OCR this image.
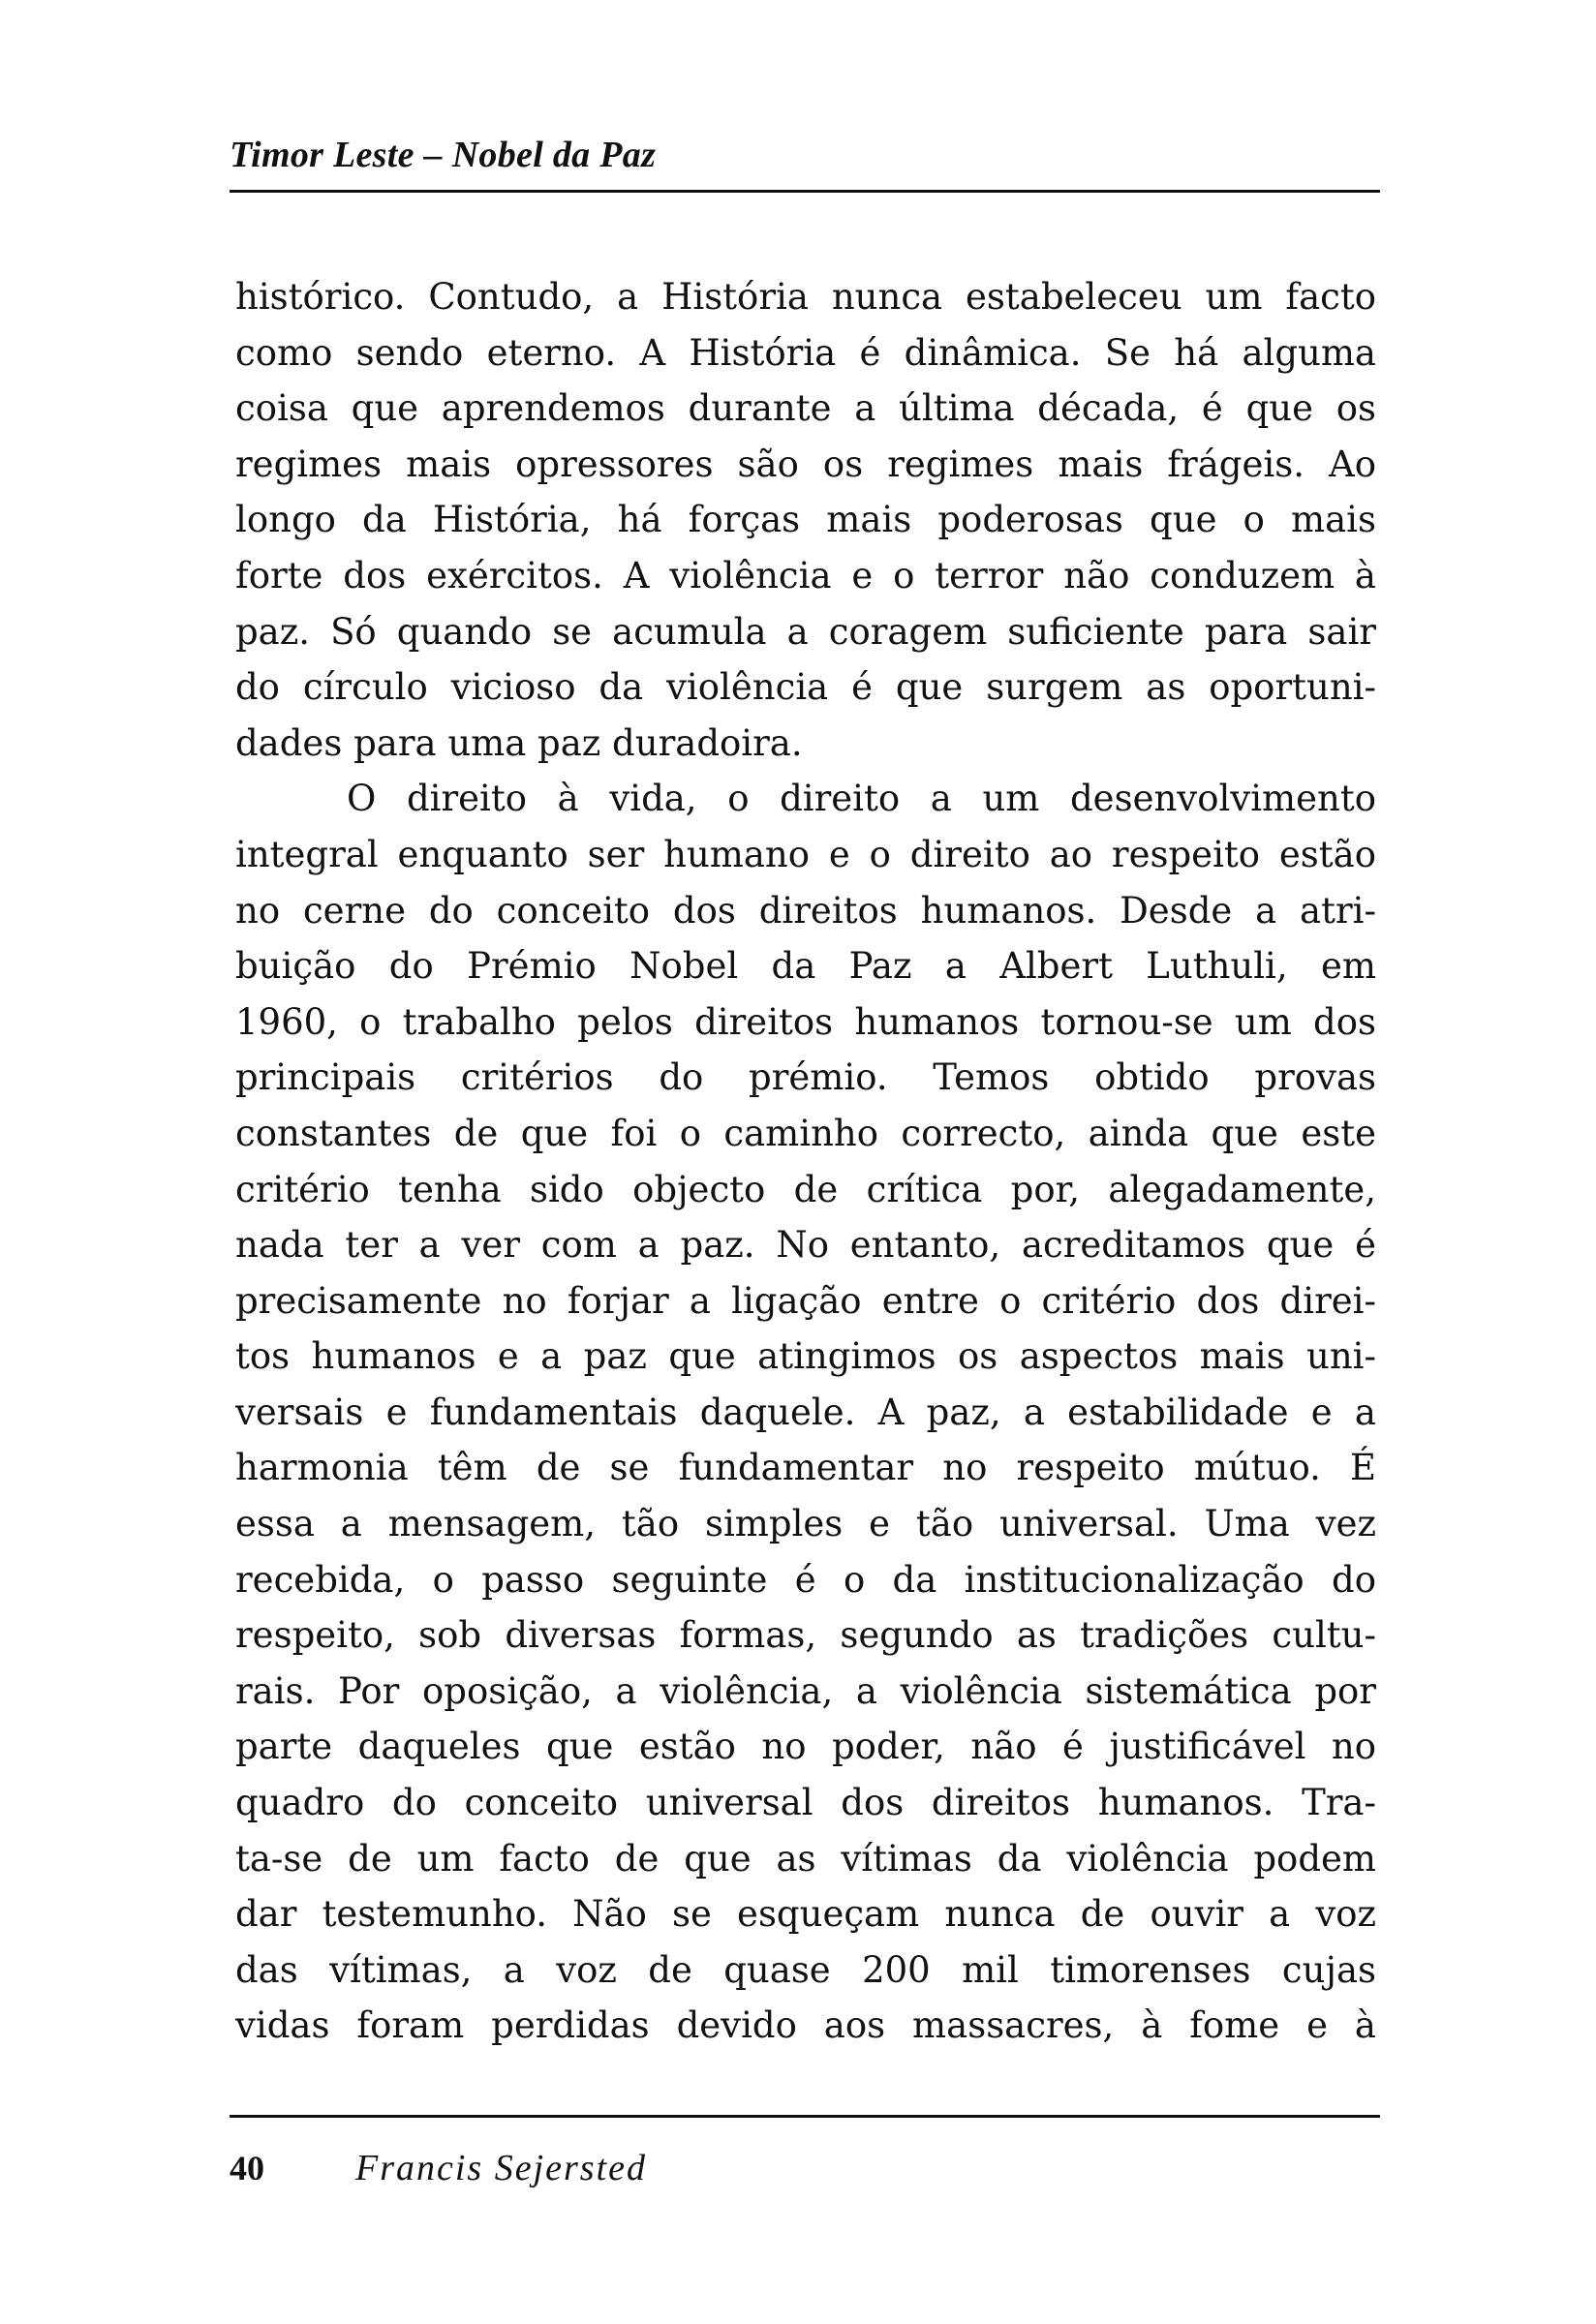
Timor Leste – Nobel da Paz
histórico. Contudo, a História nunca estabeleceu um facto
como sendo eterno. A História é dinâmica. Se há alguma
coisa que aprendemos durante a última década, é que os
regimes mais opressores são os regimes mais frágeis. Ao
longo da História, há forças mais poderosas que o mais
forte dos exércitos. A violência e o terror não conduzem à
paz. Só quando se acumula a coragem suficiente para sair
do círculo vicioso da violência é que surgem as oportuni-
dades para uma paz duradoira.
O direito à vida, o direito a um desenvolvimento
integral enquanto ser humano e o direito ao respeito estão
no cerne do conceito dos direitos humanos. Desde a atri-
buição do Prémio Nobel da Paz a Albert Luthuli, em
1960, o trabalho pelos direitos humanos tornou-se um dos
principais critérios do prémio. Temos obtido provas
constantes de que foi o caminho correcto, ainda que este
critério tenha sido objecto de crítica por, alegadamente,
nada ter a ver com a paz. No entanto, acreditamos que é
precisamente no forjar a ligação entre o critério dos direi-
tos humanos e a paz que atingimos os aspectos mais uni-
versais e fundamentais daquele. A paz, a estabilidade e a
harmonia têm de se fundamentar no respeito mútuo. É
essa a mensagem, tão simples e tão universal. Uma vez
recebida, o passo seguinte é o da institucionalização do
respeito, sob diversas formas, segundo as tradições cultu-
rais. Por oposição, a violência, a violência sistemática por
parte daqueles que estão no poder, não é justificável no
quadro do conceito universal dos direitos humanos. Tra-
ta-se de um facto de que as vítimas da violência podem
dar testemunho. Não se esqueçam nunca de ouvir a voz
das vítimas, a voz de quase 200 mil timorenses cujas
vidas foram perdidas devido aos massacres, à fome e à
40	Francis Sejersted
